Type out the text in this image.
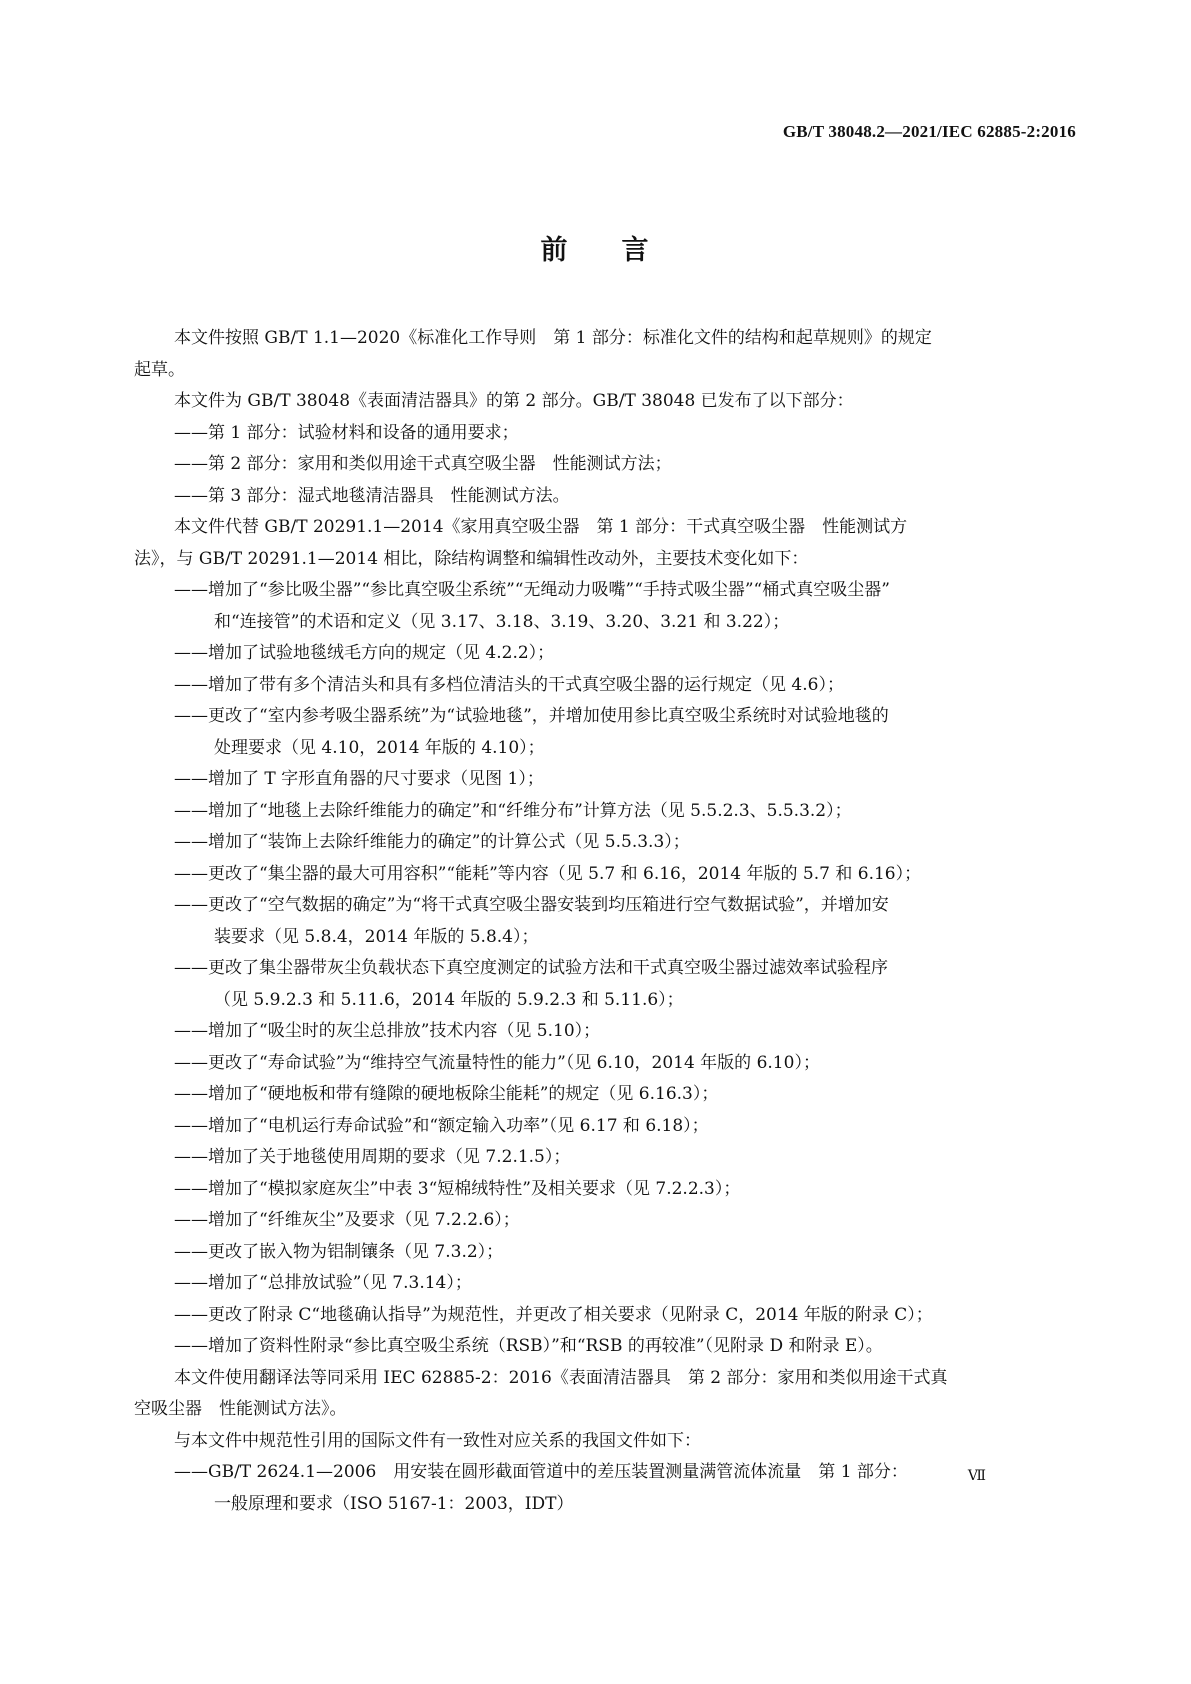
GB/T 38048.2—2021/IEC 62885-2:2016
前 言
本文件按照 GB/T 1.1—2020《标准化工作导则　第 1 部分：标准化文件的结构和起草规则》的规定
起草。
本文件为 GB/T 38048《表面清洁器具》的第 2 部分。GB/T 38048 已发布了以下部分：
——第 1 部分：试验材料和设备的通用要求；
——第 2 部分：家用和类似用途干式真空吸尘器　性能测试方法；
——第 3 部分：湿式地毯清洁器具　性能测试方法。
本文件代替 GB/T 20291.1—2014《家用真空吸尘器　第 1 部分：干式真空吸尘器　性能测试方
法》，与 GB/T 20291.1—2014 相比，除结构调整和编辑性改动外，主要技术变化如下：
——增加了“参比吸尘器”“参比真空吸尘系统”“无绳动力吸嘴”“手持式吸尘器”“桶式真空吸尘器”
和“连接管”的术语和定义（见 3.17、3.18、3.19、3.20、3.21 和 3.22）；
——增加了试验地毯绒毛方向的规定（见 4.2.2）；
——增加了带有多个清洁头和具有多档位清洁头的干式真空吸尘器的运行规定（见 4.6）；
——更改了“室内参考吸尘器系统”为“试验地毯”，并增加使用参比真空吸尘系统时对试验地毯的
处理要求（见 4.10，2014 年版的 4.10）；
——增加了 T 字形直角器的尺寸要求（见图 1）；
——增加了“地毯上去除纤维能力的确定”和“纤维分布”计算方法（见 5.5.2.3、5.5.3.2）；
——增加了“装饰上去除纤维能力的确定”的计算公式（见 5.5.3.3）；
——更改了“集尘器的最大可用容积”“能耗”等内容（见 5.7 和 6.16，2014 年版的 5.7 和 6.16）；
——更改了“空气数据的确定”为“将干式真空吸尘器安装到均压箱进行空气数据试验”，并增加安
装要求（见 5.8.4，2014 年版的 5.8.4）；
——更改了集尘器带灰尘负载状态下真空度测定的试验方法和干式真空吸尘器过滤效率试验程序
（见 5.9.2.3 和 5.11.6，2014 年版的 5.9.2.3 和 5.11.6）；
——增加了“吸尘时的灰尘总排放”技术内容（见 5.10）；
——更改了“寿命试验”为“维持空气流量特性的能力”（见 6.10，2014 年版的 6.10）；
——增加了“硬地板和带有缝隙的硬地板除尘能耗”的规定（见 6.16.3）；
——增加了“电机运行寿命试验”和“额定输入功率”（见 6.17 和 6.18）；
——增加了关于地毯使用周期的要求（见 7.2.1.5）；
——增加了“模拟家庭灰尘”中表 3“短棉绒特性”及相关要求（见 7.2.2.3）；
——增加了“纤维灰尘”及要求（见 7.2.2.6）；
——更改了嵌入物为铝制镶条（见 7.3.2）；
——增加了“总排放试验”（见 7.3.14）；
——更改了附录 C“地毯确认指导”为规范性，并更改了相关要求（见附录 C，2014 年版的附录 C）；
——增加了资料性附录“参比真空吸尘系统（RSB）”和“RSB 的再较准”（见附录 D 和附录 E）。
本文件使用翻译法等同采用 IEC 62885-2：2016《表面清洁器具　第 2 部分：家用和类似用途干式真
空吸尘器　性能测试方法》。
与本文件中规范性引用的国际文件有一致性对应关系的我国文件如下：
——GB/T 2624.1—2006　用安装在圆形截面管道中的差压装置测量满管流体流量　第 1 部分：
一般原理和要求（ISO 5167-1：2003，IDT）
Ⅶ
